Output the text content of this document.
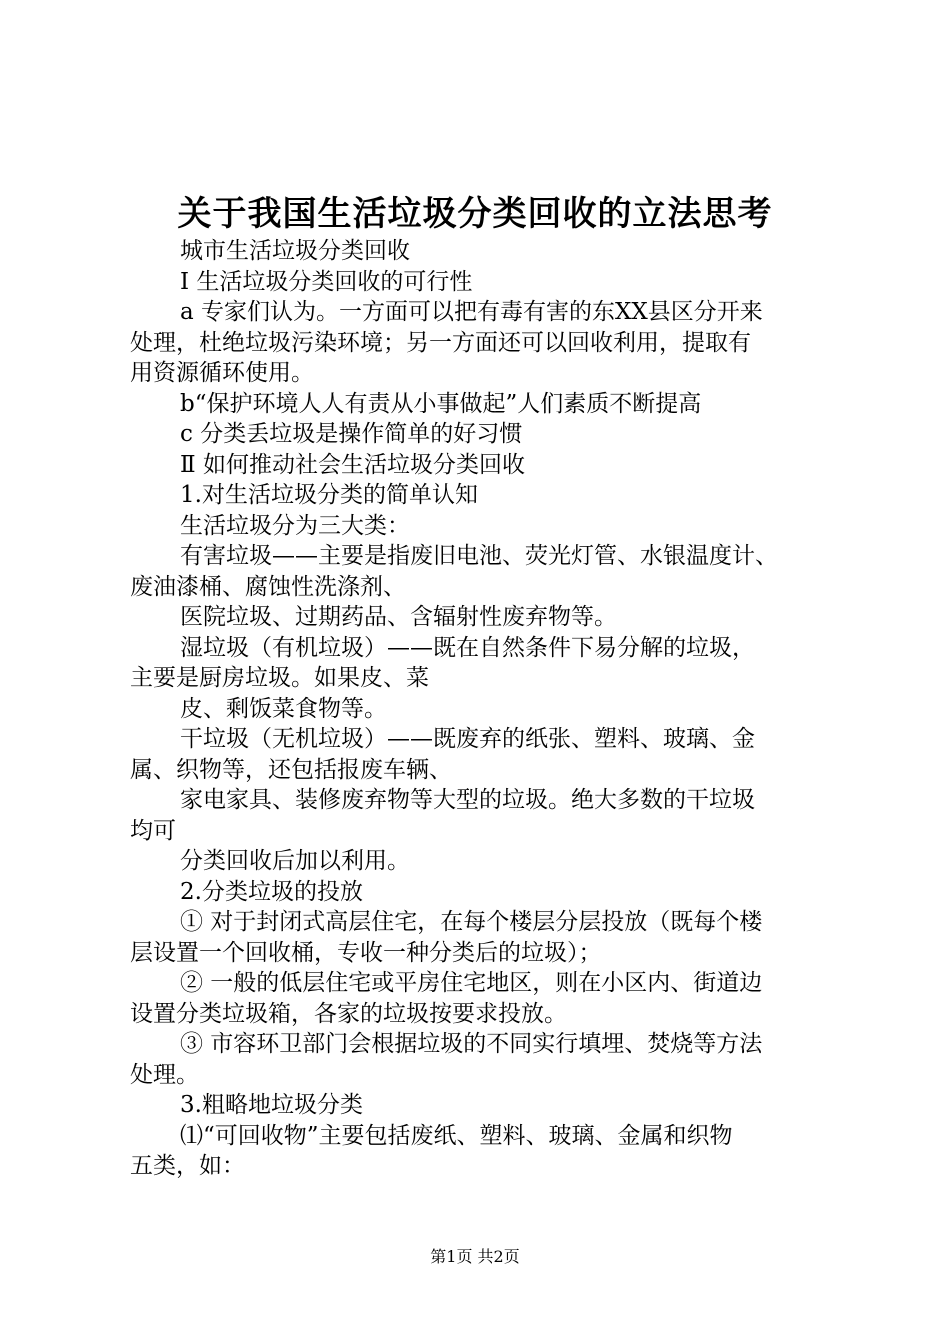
关于我国生活垃圾分类回收的立法思考
城市生活垃圾分类回收
Ⅰ 生活垃圾分类回收的可行性
a 专家们认为。一方面可以把有毒有害的东XX县区分开来
处理，杜绝垃圾污染环境；另一方面还可以回收利用，提取有
用资源循环使用。
b“保护环境人人有责从小事做起”人们素质不断提高
c 分类丢垃圾是操作简单的好习惯
Ⅱ 如何推动社会生活垃圾分类回收
1.对生活垃圾分类的简单认知
生活垃圾分为三大类：
有害垃圾——主要是指废旧电池、荧光灯管、水银温度计、
废油漆桶、腐蚀性洗涤剂、
医院垃圾、过期药品、含辐射性废弃物等。
湿垃圾（有机垃圾）——既在自然条件下易分解的垃圾，
主要是厨房垃圾。如果皮、菜
皮、剩饭菜食物等。
干垃圾（无机垃圾）——既废弃的纸张、塑料、玻璃、金
属、织物等，还包括报废车辆、
家电家具、装修废弃物等大型的垃圾。绝大多数的干垃圾
均可
分类回收后加以利用。
2.分类垃圾的投放
① 对于封闭式高层住宅，在每个楼层分层投放（既每个楼
层设置一个回收桶，专收一种分类后的垃圾）；
② 一般的低层住宅或平房住宅地区，则在小区内、街道边
设置分类垃圾箱，各家的垃圾按要求投放。
③ 市容环卫部门会根据垃圾的不同实行填埋、焚烧等方法
处理。
3.粗略地垃圾分类
⑴“可回收物”主要包括废纸、塑料、玻璃、金属和织物
五类，如：
第1页 共2页
